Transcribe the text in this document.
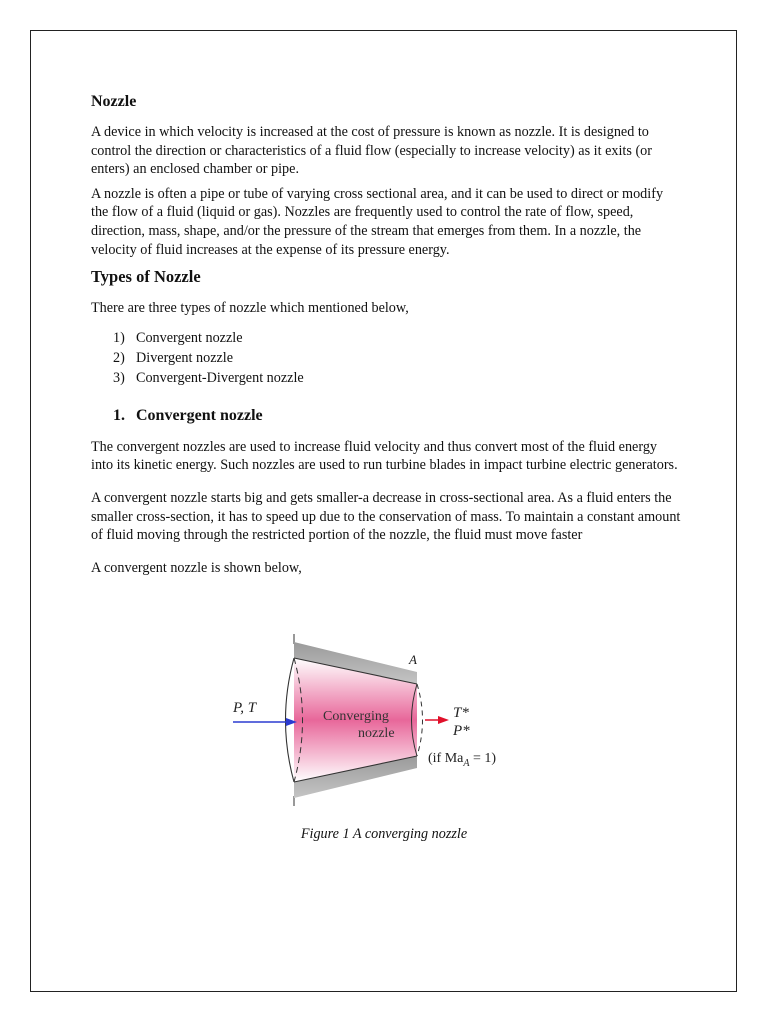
Nozzle

A device in which velocity is increased at the cost of pressure is known as nozzle. It is designed to control the direction or characteristics of a fluid flow (especially to increase velocity) as it exits (or enters) an enclosed chamber or pipe.

A nozzle is often a pipe or tube of varying cross sectional area, and it can be used to direct or modify the flow of a fluid (liquid or gas). Nozzles are frequently used to control the rate of flow, speed, direction, mass, shape, and/or the pressure of the stream that emerges from them. In a nozzle, the velocity of fluid increases at the expense of its pressure energy.

Types of Nozzle

There are three types of nozzle which mentioned below,

1) Convergent nozzle
2) Divergent nozzle
3) Convergent-Divergent nozzle
1. Convergent nozzle

The convergent nozzles are used to increase fluid velocity and thus convert most of the fluid energy into its kinetic energy. Such nozzles are used to run turbine blades in impact turbine electric generators.

A convergent nozzle starts big and gets smaller-a decrease in cross-sectional area. As a fluid enters the smaller cross-section, it has to speed up due to the conservation of mass. To maintain a constant amount of fluid moving through the restricted portion of the nozzle, the fluid must move faster

A convergent nozzle is shown below,

P, T
Converging
nozzle
A
T*
P*
(if $Ma_A = 1$)
Figure 1 A converging nozzle
